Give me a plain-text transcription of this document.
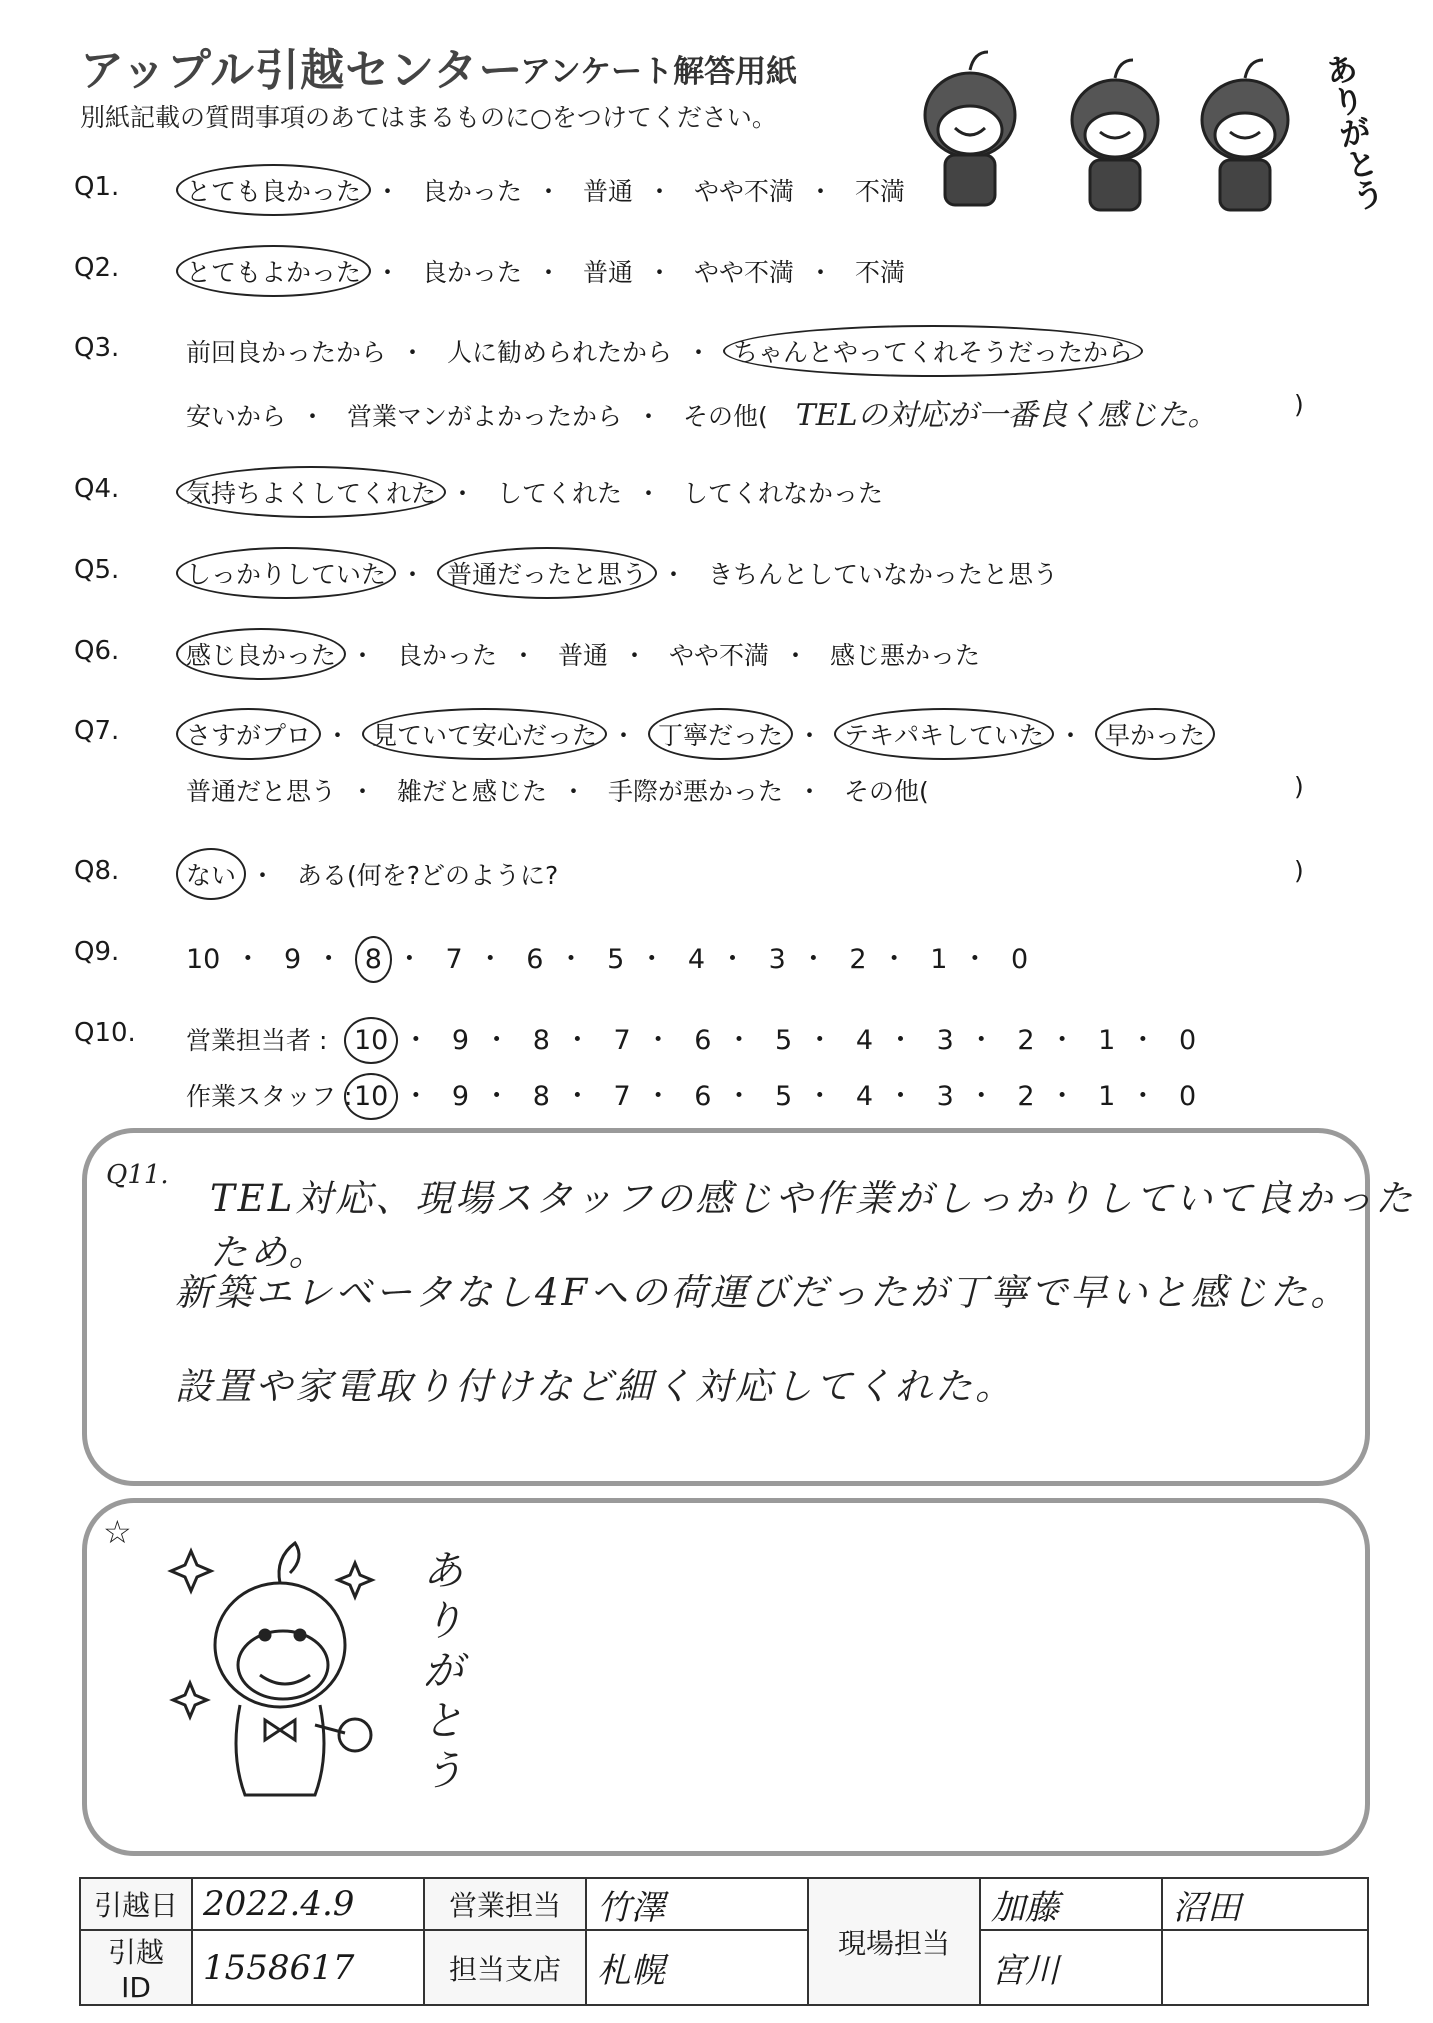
アップル引越センター
アンケート解答用紙
別紙記載の質問事項のあてはまるものに○をつけてください。	ありがとう
Q1.	とても良かった ・ 良かった ・ 普通 ・ やや不満 ・ 不満
Q2.	とてもよかった ・ 良かった ・ 普通 ・ やや不満 ・ 不満
Q3.	前回良かったから ・ 人に勧められたから ・ ちゃんとやってくれそうだったから
安いから ・ 営業マンがよかったから ・ その他( TELの対応が一番良く感じた。	)
Q4.	気持ちよくしてくれた ・ してくれた ・ してくれなかった
Q5.	しっかりしていた ・ 普通だったと思う ・ きちんとしていなかったと思う
Q6.	感じ良かった ・ 良かった ・ 普通 ・ やや不満 ・ 感じ悪かった
Q7.	さすがプロ ・ 見ていて安心だった ・ 丁寧だった ・ テキパキしていた ・ 早かった
普通だと思う ・ 雑だと感じた ・ 手際が悪かった ・ その他(	)
Q8.	ない ・ ある(何を?どのように?	)
Q9.	10 ・ 9 ・ 8 ・ 7 ・ 6 ・ 5 ・ 4 ・ 3 ・ 2 ・ 1 ・ 0
Q10.	営業担当者 : 10 ・ 9 ・ 8 ・ 7 ・ 6 ・ 5 ・ 4 ・ 3 ・ 2 ・ 1 ・ 0
作業スタッフ : 10 ・ 9 ・ 8 ・ 7 ・ 6 ・ 5 ・ 4 ・ 3 ・ 2 ・ 1 ・ 0
Q11.
TEL対応、現場スタッフの感じや作業がしっかりしていて良かったため。
新築エレベータなし4Fへの荷運びだったが丁寧で早いと感じた。
設置や家電取り付けなど細く対応してくれた。
☆
ありがとう
引越日	2022.4.9	営業担当	竹澤	現場担当	加藤	沼田
引越 ID	1558617	担当支店	札幌		宮川	
